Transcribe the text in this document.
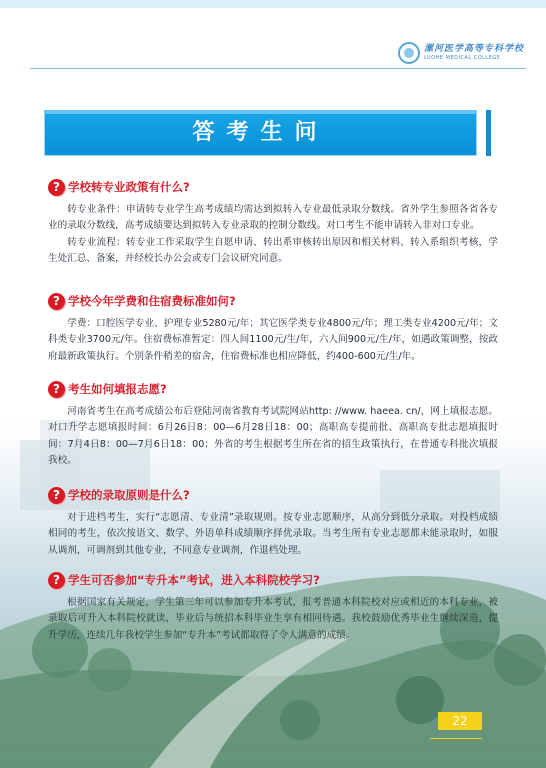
漯河医学高等专科学校
LUOHE MEDICAL COLLEGE
答考生问
? 学校转专业政策有什么?

转专业条件：申请转专业学生高考成绩均需达到拟转入专业最低录取分数线。省外学生参照各省各专业的录取分数线，高考成绩要达到拟转入专业录取的控制分数线。对口考生不能申请转入非对口专业。

转专业流程：转专业工作采取学生自愿申请、转出系审核转出原因和相关材料、转入系组织考核，学生处汇总、备案，并经校长办公会或专门会议研究同意。

? 学校今年学费和住宿费标准如何?

学费：口腔医学专业、护理专业5280元/年；其它医学类专业4800元/年；理工类专业4200元/年；文科类专业3700元/年。住宿费标准暂定：四人间1100元/生/年，六人间900元/生/年，如遇政策调整，按政府最新政策执行。个别条件稍差的宿舍，住宿费标准也相应降低，约400-600元/生/年。

? 考生如何填报志愿?

河南省考生在高考成绩公布后登陆河南省教育考试院网站http: //www. haeea. cn/，网上填报志愿。对口升学志愿填报时间：6月26日8：00—6月28日18：00；高职高专提前批、高职高专批志愿填报时间：7月4日8：00—7月6日18：00；外省的考生根据考生所在省的招生政策执行，在普通专科批次填报我校。

? 学校的录取原则是什么?

对于进档考生，实行“志愿清、专业清”录取规则。按专业志愿顺序，从高分到低分录取。对投档成绩相同的考生，依次按语文、数学、外语单科成绩顺序择优录取。当考生所有专业志愿都未能录取时，如服从调剂，可调剂到其他专业，不同意专业调剂，作退档处理。

? 学生可否参加“专升本”考试，进入本科院校学习?

根据国家有关规定，学生第三年可以参加专升本考试，报考普通本科院校对应或相近的本科专业，被录取后可升入本科院校就读，毕业后与统招本科毕业生享有相同待遇。我校鼓励优秀毕业生继续深造，提升学历，连续几年我校学生参加“专升本”考试都取得了令人满意的成绩。

22
